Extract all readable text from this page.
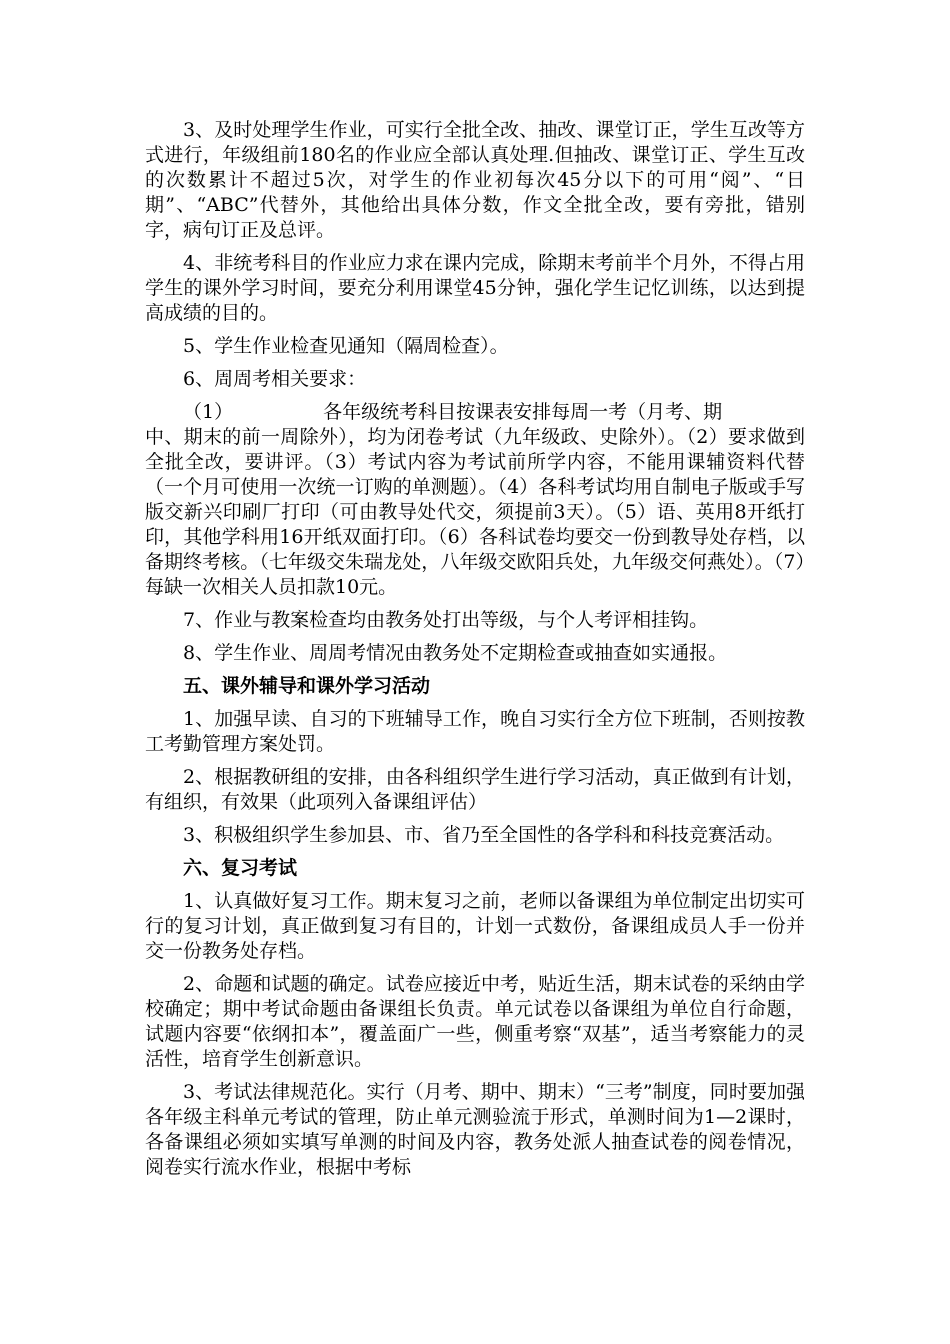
3、及时处理学生作业，可实行全批全改、抽改、课堂订正，学生互改等方式进行，年级组前180名的作业应全部认真处理.但抽改、课堂订正、学生互改的次数累计不超过5次，对学生的作业初每次45分以下的可用“阅”、“日期”、“ABC”代替外，其他给出具体分数，作文全批全改，要有旁批，错别字，病句订正及总评。

4、非统考科目的作业应力求在课内完成，除期末考前半个月外，不得占用学生的课外学习时间，要充分利用课堂45分钟，强化学生记忆训练，以达到提高成绩的目的。

5、学生作业检查见通知（隔周检查）。

6、周周考相关要求：

（1）	各年级统考科目按课表安排每周一考（月考、期

中、期末的前一周除外），均为闭卷考试（九年级政、史除外）。（2）要求做到全批全改，要讲评。（3）考试内容为考试前所学内容，不能用课辅资料代替（一个月可使用一次统一订购的单测题）。（4）各科考试均用自制电子版或手写版交新兴印刷厂打印（可由教导处代交，须提前3天）。（5）语、英用8开纸打印，其他学科用16开纸双面打印。（6）各科试卷均要交一份到教导处存档，以备期终考核。（七年级交朱瑞龙处，八年级交欧阳兵处，九年级交何燕处）。（7）每缺一次相关人员扣款10元。

7、作业与教案检查均由教务处打出等级，与个人考评相挂钩。

8、学生作业、周周考情况由教务处不定期检查或抽查如实通报。

五、课外辅导和课外学习活动

1、加强早读、自习的下班辅导工作，晚自习实行全方位下班制，否则按教工考勤管理方案处罚。

2、根据教研组的安排，由各科组织学生进行学习活动，真正做到有计划，有组织，有效果（此项列入备课组评估）

3、积极组织学生参加县、市、省乃至全国性的各学科和科技竞赛活动。

六、复习考试

1、认真做好复习工作。期末复习之前，老师以备课组为单位制定出切实可行的复习计划，真正做到复习有目的，计划一式数份，备课组成员人手一份并交一份教务处存档。

2、命题和试题的确定。试卷应接近中考，贴近生活，期末试卷的采纳由学校确定；期中考试命题由备课组长负责。单元试卷以备课组为单位自行命题，试题内容要“依纲扣本”，覆盖面广一些，侧重考察“双基”，适当考察能力的灵活性，培育学生创新意识。

3、考试法律规范化。实行（月考、期中、期末）“三考”制度，同时要加强各年级主科单元考试的管理，防止单元测验流于形式，单测时间为1—2课时，各备课组必须如实填写单测的时间及内容，教务处派人抽查试卷的阅卷情况，阅卷实行流水作业，根据中考标
